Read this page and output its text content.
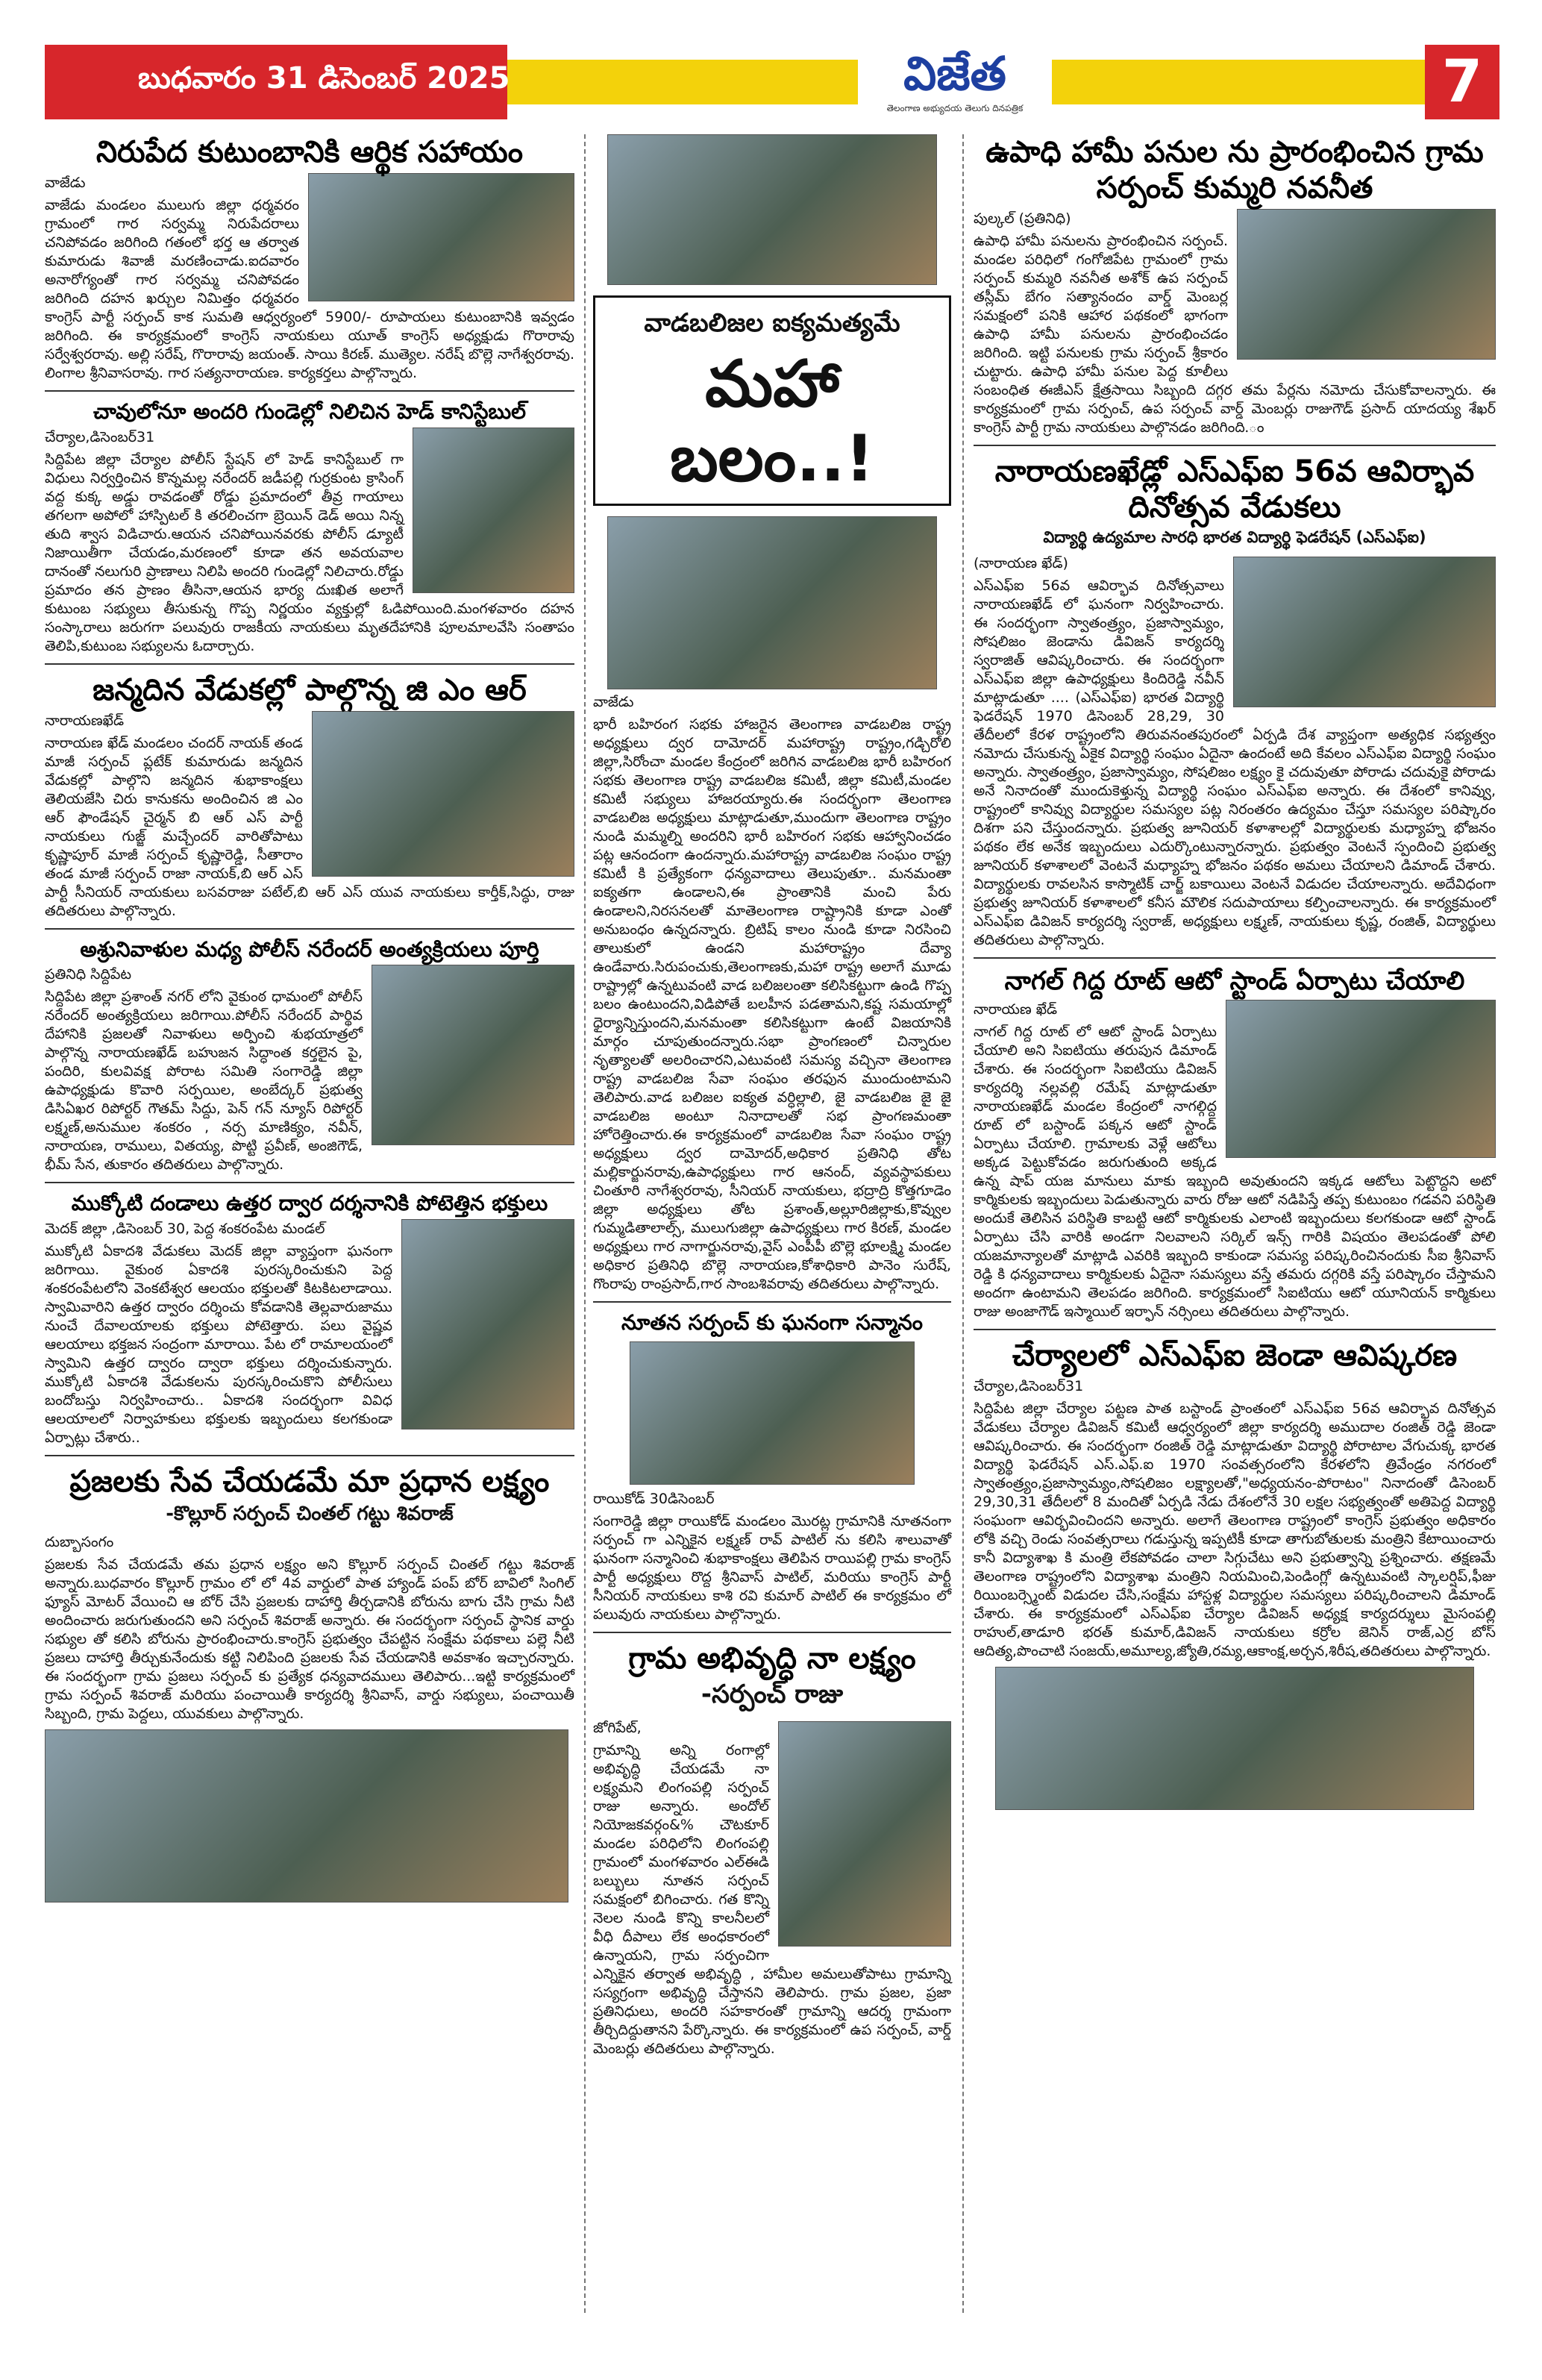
బుధవారం 31 డిసెంబర్ 2025	విజేత
తెలంగాణ అభ్యుదయ తెలుగు దినపత్రిక	7
నిరుపేద కుటుంబానికి ఆర్థిక సహాయం
వాజేడు

వాజేడు మండలం ములుగు జిల్లా ధర్మవరం గ్రామంలో గార సర్వమ్మ నిరుపేదరాలు చనిపోవడం జరిగింది గతంలో భర్త ఆ తర్వాత కుమారుడు శివాజీ మరణించాడు.ఐదవారం అనారోగ్యంతో గార సర్వమ్మ చనిపోవడం జరిగింది దహన ఖర్చుల నిమిత్తం ధర్మవరం కాంగ్రెస్ పార్టీ సర్పంచ్ కాక సుమతి ఆధ్వర్యంలో 5900/- రూపాయలు కుటుంబానికి ఇవ్వడం జరిగింది. ఈ కార్యక్రమంలో కాంగ్రెస్ నాయకులు యూత్ కాంగ్రెస్ అధ్యక్షుడు గొరారావు సర్వేశ్వరరావు. అల్లి సరేష్, గొరారావు జయంత్. సాయి కిరణ్. ముత్యెల. నరేష్ బొల్లె నాగేశ్వరరావు. లింగాల శ్రీనివాసరావు. గార సత్యనారాయణ. కార్యకర్తలు పాల్గొన్నారు.

చావులోనూ అందరి గుండెల్లో నిలిచిన హెడ్ కానిస్టేబుల్
చేర్యాల,డిసెంబర్31

సిద్దిపేట జిల్లా చేర్యాల పోలీస్ స్టేషన్ లో హెడ్ కానిస్టేబుల్ గా విధులు నిర్వర్తించిన కొన్నమల్ల నరేందర్ జడీపల్లి గుర్రకుంట క్రాసింగ్ వద్ద కుక్క అడ్డు రావడంతో రోడ్డు ప్రమాదంలో తీవ్ర గాయాలు తగలగా అపోలో హాస్పిటల్ కి తరలించగా బ్రెయిన్ డెడ్ అయి నిన్న తుది శ్వాస విడిచారు.ఆయన చనిపోయినవరకు పోలీస్ డ్యూటీ నిజాయితీగా చేయడం,మరణంలో కూడా తన అవయవాల దానంతో నలుగురి ప్రాణాలు నిలిపి అందరి గుండెల్లో నిలిచారు.రోడ్డు ప్రమాదం తన ప్రాణం తీసినా,ఆయన భార్య దుఃఖిత అలాగే కుటుంబ సభ్యులు తీసుకున్న గొప్ప నిర్ణయం వ్యక్తుల్లో ఓడిపోయింది.మంగళవారం దహన సంస్కారాలు జరుగగా పలువురు రాజకీయ నాయకులు మృతదేహానికి పూలమాలవేసి సంతాపం తెలిపి,కుటుంబ సభ్యులను ఓదార్చారు.

జన్మదిన వేడుకల్లో పాల్గొన్న జి ఎం ఆర్
నారాయణఖేడ్

నారాయణ ఖేడ్ మండలం చందర్ నాయక్ తండ మాజీ సర్పంచ్ ప్లటేక్ కుమారుడు జన్మదిన వేడుకల్లో పాల్గొని జన్మదిన శుభాకాంక్షలు తెలియజేసి చిరు కానుకను అందించిన జి ఎం ఆర్ ఫౌండేషన్ చైర్మన్ బి ఆర్ ఎస్ పార్టీ నాయకులు గుజ్జ్ మచ్చేందర్ వారితోపాటు కృష్ణాపూర్ మాజీ సర్పంచ్ కృష్ణారెడ్డి, సీతారాం తండ మాజీ సర్పంచ్ రాజా నాయక్,బి ఆర్ ఎస్ పార్టీ సీనియర్ నాయకులు బసవరాజు పటేల్,బి ఆర్ ఎస్ యువ నాయకులు కార్తీక్,సిద్ధు, రాజు తదితరులు పాల్గొన్నారు.

అశ్రునివాళుల మధ్య పోలీస్ నరేందర్ అంత్యక్రియలు పూర్తి
ప్రతినిధి సిద్దిపేట

సిద్దిపేట జిల్లా ప్రశాంత్ నగర్ లోని వైకుంఠ ధామంలో పోలీస్ నరేందర్ అంత్యక్రియలు జరిగాయి.పోలీస్ నరేందర్ పార్థివ దేహానికి ప్రజలతో నివాళులు అర్పించి శుభయాత్రలో పాల్గొన్న నారాయణఖేడ్ బహుజన సిద్ధాంత కర్తలైన పై, పందిరి, కులవివక్ష పోరాట సమితి సంగారెడ్డి జిల్లా ఉపాధ్యక్షుడు కొవారి సర్పయిల, అంబేద్కర్ ప్రభుత్వ డిసిఏఖర రిపోర్టర్ గౌతమ్ సిద్దు, పెన్ గన్ న్యూస్ రిపోర్టర్ లక్ష్మణ్,అనుముల శంకరం , నర్స మాణిక్యం, నవీన్, నారాయణ, రాములు, వితయ్య, పొట్టి ప్రవీణ్, అంజిగౌడ్, భీమ్ సేన, తుకారం తదితరులు పాల్గొన్నారు.

ముక్కోటి దండాలు ఉత్తర ద్వార దర్శనానికి పోటెత్తిన భక్తులు
మెదక్ జిల్లా ,డిసెంబర్ 30, పెద్ద శంకరంపేట మండల్

ముక్కోటి ఏకాదశి వేడుకలు మెదక్ జిల్లా వ్యాప్తంగా ఘనంగా జరిగాయి. వైకుంఠ ఏకాదశి పురస్కరించుకుని పెద్ద శంకరంపేటలోని వెంకటేశ్వర ఆలయం భక్తులతో కిటకిటలాడాయి. స్వామివారిని ఉత్తర ద్వారం దర్శించు కోవడానికి తెల్లవారుజాము నుంచే దేవాలయాలకు భక్తులు పోటెత్తారు. పలు వైష్ణవ ఆలయాలు భక్తజన సంద్రంగా మారాయి. పేట లో రామాలయంలో స్వామిని ఉత్తర ద్వారం ద్వారా భక్తులు దర్శించుకున్నారు. ముక్కోటి ఏకాదశి వేడుకలను పురస్కరించుకొని పోలీసులు బందోబస్తు నిర్వహించారు.. ఏకాదశి సందర్భంగా వివిధ ఆలయాలలో నిర్వాహకులు భక్తులకు ఇబ్బందులు కలగకుండా ఏర్పాట్లు చేశారు..

ప్రజలకు సేవ చేయడమే మా ప్రధాన లక్ష్యం
-కొల్లూర్ సర్పంచ్ చింతల్ గట్టు శివరాజ్
దుబ్బాసంగం

ప్రజలకు సేవ చేయడమే తమ ప్రధాన లక్ష్యం అని కొల్లూర్ సర్పంచ్ చింతల్ గట్టు శివరాజ్ అన్నారు.బుధవారం కొల్లూర్ గ్రామం లో లో 4వ వార్డులో పాత హ్యాండ్ పంప్ బోర్ బావిలో సింగిల్ ఫ్యూస్ మోటర్ వేయించి ఆ బోర్ చేసి ప్రజలకు దాహార్తి తీర్చడానికి బోరును బాగు చేసి గ్రామ నీటి అందించారు జరుగుతుందని అని సర్పంచ్ శివరాజ్ అన్నారు. ఈ సందర్భంగా సర్పంచ్ స్థానిక వార్డు సభ్యుల తో కలిసి బోరును ప్రారంభించారు.కాంగ్రెస్ ప్రభుత్వం చేపట్టిన సంక్షేమ పథకాలు పల్లె నీటి ప్రజలు దాహార్తి తీర్చుకునేందుకు కట్టి నిలిపింది ప్రజలకు సేవ చేయడానికి అవకాశం ఇచ్చారన్నారు. ఈ సందర్భంగా గ్రామ ప్రజలు సర్పంచ్ కు ప్రత్యేక ధన్యవాదములు తెలిపారు...ఇట్టి కార్యక్రమంలో గ్రామ సర్పంచ్ శివరాజ్ మరియు పంచాయితీ కార్యదర్శి శ్రీనివాస్, వార్డు సభ్యులు, పంచాయితీ సిబ్బంది, గ్రామ పెద్దలు, యువకులు పాల్గొన్నారు.

వాడబలిజల ఐక్యమత్యమే
మహా బలం..!
వాజేడు

భారీ బహిరంగ సభకు హాజరైన తెలంగాణ వాడబలిజ రాష్ట్ర అధ్యక్షులు ద్వర దామోదర్ మహారాష్ట్ర రాష్ట్రం,గడ్చిరోలి జిల్లా,సిరోంచా మండల కేంద్రంలో జరిగిన వాడబలిజ భారీ బహిరంగ సభకు తెలంగాణ రాష్ట్ర వాడబలిజ కమిటీ, జిల్లా కమిటీ,మండల కమిటీ సభ్యులు హాజరయ్యారు.ఈ సందర్భంగా తెలంగాణ వాడబలిజ అధ్యక్షులు మాట్లాడుతూ,ముందుగా తెలంగాణ రాష్ట్రం నుండి మమ్మల్ని అందరిని భారీ బహిరంగ సభకు ఆహ్వానించడం పట్ల ఆనందంగా ఉందన్నారు.మహారాష్ట్ర వాడబలిజ సంఘం రాష్ట్ర కమిటీ కి ప్రత్యేకంగా ధన్యవాదాలు తెలుపుతూ.. మనమంతా ఐక్యతగా ఉండాలని,ఈ ప్రాంతానికి మంచి పేరు ఉండాలని,నిరసనలతో మాతెలంగాణ రాష్ట్రానికి కూడా ఎంతో అనుబంధం ఉన్నదన్నారు. బ్రిటిష్ కాలం నుండి కూడా నిరసించి తాలుకులో ఉండని మహారాష్ట్రం దేవ్యా ఉండేవారు.సిరుపంచుకు,తెలంగాణకు,మహా రాష్ట్ర అలాగే మూడు రాష్ట్రాల్లో ఉన్నటువంటి వాడ బలిజలంతా కలిసికట్టుగా ఉండి గొప్ప బలం ఉంటుందని,విడిపోతే బలహీన పడతామని,కష్ట సమయాల్లో ధైర్యాన్నిస్తుందని,మనమంతా కలిసికట్టుగా ఉంటే విజయానికి మార్గం చూపుతుందన్నారు.సభా ప్రాంగణంలో చిన్నారుల నృత్యాలతో అలరించారని,ఎటువంటి సమస్య వచ్చినా తెలంగాణ రాష్ట్ర వాడబలిజ సేవా సంఘం తరఫున ముందుంటామని తెలిపారు.వాడ బలిజల ఐక్యత వర్ధిల్లాలి, జై వాడబలిజ జై జై వాడబలిజ అంటూ నినాదాలతో సభ ప్రాంగణమంతా హోరెత్తించారు.ఈ కార్యక్రమంలో వాడబలిజ సేవా సంఘం రాష్ట్ర అధ్యక్షులు ద్వర దామోదర్,అధికార ప్రతినిధి తోట మల్లికార్జునరావు,ఉపాధ్యక్షులు గార ఆనంద్, వ్యవస్థాపకులు చింతూరి నాగేశ్వరరావు, సీనియర్ నాయకులు, భద్రాద్రి కొత్తగూడెం జిల్లా అధ్యక్షులు తోట ప్రశాంత్,అల్లూరిజిల్లాకు,కొవ్వుల గుమ్మడితాలాల్స్, ములుగుజిల్లా ఉపాధ్యక్షులు గార కిరణ్, మండల అధ్యక్షులు గార నాగార్జునరావు,వైస్ ఎంపీపీ బొల్లె భూలక్ష్మి మండల అధికార ప్రతినిధి బొల్లె నారాయణ,కోశాధికారి పానెం సురేష్, గొంరాపు రాంప్రసాద్,గార సాంబశివరావు తదితరులు పాల్గొన్నారు.

నూతన సర్పంచ్ కు ఘనంగా సన్మానం
రాయికోడ్ 30డిసెంబర్

సంగారెడ్డి జిల్లా రాయికోడ్ మండలం మొరట్ల గ్రామానికి నూతనంగా సర్పంచ్ గా ఎన్నికైన లక్ష్మణ్ రావ్ పాటిల్ ను కలిసి శాలువాతో ఘనంగా సన్మానించి శుభాకాంక్షలు తెలిపిన రాయిపల్లి గ్రామ కాంగ్రెస్ పార్టీ అధ్యక్షులు రొద్ద శ్రీనివాస్ పాటిల్, మరియు కాంగ్రెస్ పార్టీ సీనియర్ నాయకులు కాశి రవి కుమార్ పాటిల్ ఈ కార్యక్రమం లో పలువురు నాయకులు పాల్గొన్నారు.

గ్రామ అభివృద్ధి నా లక్ష్యం
-సర్పంచ్ రాజు
జోగిపేట్,

గ్రామాన్ని అన్ని రంగాల్లో అభివృద్ధి చేయడమే నా లక్ష్యమని లింగంపల్లి సర్పంచ్ రాజు అన్నారు. అందోల్ నియోజకవర్గం&% చౌటకూర్ మండల పరిధిలోని లింగంపల్లి గ్రామంలో మంగళవారం ఎల్ఈడి బల్బులు నూతన సర్పంచ్ సమక్షంలో బిగించారు. గత కొన్ని నెలల నుండి కొన్ని కాలనీలలో వీధి దీపాలు లేక అంధకారంలో ఉన్నాయని, గ్రామ సర్పంచిగా ఎన్నికైన తర్వాత అభివృద్ధి , హామీల అమలుతోపాటు గ్రామాన్ని సస్యగ్రంగా అభివృద్ధి చేస్తానని తెలిపారు. గ్రామ ప్రజల, ప్రజా ప్రతినిధులు, అందరి సహకారంతో గ్రామాన్ని ఆదర్శ గ్రామంగా తీర్చిదిద్దుతానని పేర్కొన్నారు. ఈ కార్యక్రమంలో ఉప సర్పంచ్, వార్డ్ మెంబర్లు తదితరులు పాల్గొన్నారు.

ఉపాధి హామీ పనుల ను ప్రారంభించిన గ్రామ సర్పంచ్ కుమ్మరి నవనీత
పుల్కల్ (ప్రతినిధి)

ఉపాధి హామీ పనులను ప్రారంభించిన సర్పంచ్. మండల పరిధిలో గంగోజిపేట గ్రామంలో గ్రామ సర్పంచ్ కుమ్మరి నవనీత అశోక్ ఉప సర్పంచ్ తస్లీమ్ బేగం సత్యానందం వార్డ్ మెంబర్ల సమక్షంలో పనికి ఆహార పథకంలో భాగంగా ఉపాధి హామీ పనులను ప్రారంభించడం జరిగింది. ఇట్టి పనులకు గ్రామ సర్పంచ్ శ్రీకారం చుట్టారు. ఉపాధి హామీ పనుల పెద్ద కూలీలు సంబంధిత ఈజీఎస్ క్షేత్రసాయి సిబ్బంది దగ్గర తమ పేర్లను నమోదు చేసుకోవాలన్నారు. ఈ కార్యక్రమంలో గ్రామ సర్పంచ్, ఉప సర్పంచ్ వార్డ్ మెంబర్లు రాజుగౌడ్ ప్రసాద్ యాదయ్య శేఖర్ కాంగ్రెస్ పార్టీ గ్రామ నాయకులు పాల్గొనడం జరిగింది.ం

నారాయణఖేడ్లో ఎస్ఎఫ్ఐ 56వ ఆవిర్భావ దినోత్సవ వేడుకలు
విద్యార్థి ఉద్యమాల సారధి భారత విద్యార్థి ఫెడరేషన్ (ఎస్ఎఫ్ఐ)
(నారాయణ ఖేడ్)

ఎస్ఎఫ్ఐ 56వ ఆవిర్భావ దినోత్సవాలు నారాయణఖేడ్ లో ఘనంగా నిర్వహించారు. ఈ సందర్భంగా స్వాతంత్ర్యం, ప్రజాస్వామ్యం, సోషలిజం జెండాను డివిజన్ కార్యదర్శి స్వరాజిత్ ఆవిష్కరించారు. ఈ సందర్భంగా ఎస్ఎఫ్ఐ జిల్లా ఉపాధ్యక్షులు కిందిరెడ్డి నవీన్ మాట్లాడుతూ .... (ఎస్ఎఫ్ఐ) భారత విద్యార్థి ఫెడరేషన్ 1970 డిసెంబర్ 28,29, 30 తేదీలలో కేరళ రాష్ట్రంలోని తిరువనంతపురంలో ఏర్పడి దేశ వ్యాప్తంగా అత్యధిక సభ్యత్వం నమోదు చేసుకున్న ఏకైక విద్యార్థి సంఘం ఏదైనా ఉందంటే అది కేవలం ఎస్ఎఫ్ఐ విద్యార్థి సంఘం అన్నారు. స్వాతంత్ర్యం, ప్రజాస్వామ్యం, సోషలిజం లక్ష్యం కై చదువుతూ పోరాడు చదువుకై పోరాడు అనే నినాదంతో ముందుకెళ్తున్న విద్యార్థి సంఘం ఎస్ఎఫ్ఐ అన్నారు. ఈ దేశంలో కానివ్వు, రాష్ట్రంలో కానివ్వు విద్యార్థుల సమస్యల పట్ల నిరంతరం ఉద్యమం చేస్తూ సమస్యల పరిష్కారం దిశగా పని చేస్తుందన్నారు. ప్రభుత్వ జూనియర్ కళాశాలల్లో విద్యార్థులకు మధ్యాహ్న భోజనం పథకం లేక అనేక ఇబ్బందులు ఎదుర్కొంటున్నారన్నారు. ప్రభుత్వం వెంటనే స్పందించి ప్రభుత్వ జూనియర్ కళాశాలలో వెంటనే మధ్యాహ్న భోజనం పథకం అమలు చేయాలని డిమాండ్ చేశారు. విద్యార్థులకు రావలసిన కాస్మొటిక్ చార్జ్ బకాయిలు వెంటనే విడుదల చేయాలన్నారు. అదేవిధంగా ప్రభుత్వ జూనియర్ కళాశాలలో కనీస మౌలిక సదుపాయాలు కల్పించాలన్నారు. ఈ కార్యక్రమంలో ఎస్ఎఫ్ఐ డివిజన్ కార్యదర్శి స్వరాజ్, అధ్యక్షులు లక్ష్మణ్, నాయకులు కృష్ణ, రంజిత్, విద్యార్థులు తదితరులు పాల్గొన్నారు.

నాగల్ గిద్ద రూట్ ఆటో స్టాండ్ ఏర్పాటు చేయాలి
నారాయణ ఖేడ్

నాగల్ గిద్ద రూట్ లో ఆటో స్టాండ్ ఏర్పాటు చేయాలి అని సిఐటియు తరుపున డిమాండ్ చేశారు. ఈ సందర్భంగా సిఐటియు డివిజన్ కార్యదర్శి నల్లవల్లి రమేష్ మాట్లాడుతూ నారాయణఖేడ్ మండల కేంద్రంలో నాగల్గిద్ద రూట్ లో బస్టాండ్ పక్కన ఆటో స్టాండ్ ఏర్పాటు చేయాలి. గ్రామాలకు వెళ్లే ఆటోలు అక్కడ పెట్టుకోవడం జరుగుతుంది అక్కడ ఉన్న షాప్ యజ మానులు మాకు ఇబ్బంది అవుతుందని ఇక్కడ ఆటోలు పెట్టొద్దని అటో కార్మికులకు ఇబ్బందులు పెడుతున్నారు వారు రోజు ఆటో నడిపిస్తే తప్ప కుటుంబం గడవని పరిస్థితి అందుకే తెలిసిన పరిస్థితి కాబట్టి ఆటో కార్మికులకు ఎలాంటి ఇబ్బందులు కలగకుండా ఆటో స్టాండ్ ఏర్పాటు చేసి వారికి అండగా నిలవాలని సర్కిల్ ఇన్స్ గారికి విషయం తెలపడంతో పోలి యజమాన్యాలతో మాట్లాడి ఎవరికి ఇబ్బంది కాకుండా సమస్య పరిష్కరించినందుకు సీఐ శ్రీనివాస్ రెడ్డి కి ధన్యవాదాలు కార్మికులకు ఏదైనా సమస్యలు వస్తే తమరు దగ్గరికి వస్తే పరిష్కారం చేస్తామని అందగా ఉంటామని తెలపడం జరిగింది. కార్యక్రమంలో సిఐటియు ఆటో యూనియన్ కార్మికులు రాజు అంజాగౌడ్ ఇస్మాయిల్ ఇర్ఫాన్ నర్సింలు తదితరులు పాల్గొన్నారు.

చేర్యాలలో ఎస్ఎఫ్ఐ జెండా ఆవిష్కరణ
చేర్యాల,డిసెంబర్31

సిద్దిపేట జిల్లా చేర్యాల పట్టణ పాత బస్టాండ్ ప్రాంతంలో ఎస్ఎఫ్ఐ 56వ ఆవిర్భావ దినోత్సవ వేడుకలు చేర్యాల డివిజన్ కమిటీ ఆధ్వర్యంలో జిల్లా కార్యదర్శి అముదాల రంజిత్ రెడ్డి జెండా ఆవిష్కరించారు. ఈ సందర్భంగా రంజిత్ రెడ్డి మాట్లాడుతూ విద్యార్థి పోరాటాల వేగుచుక్క భారత విద్యార్థి ఫెడరేషన్ ఎస్.ఎఫ్.ఐ 1970 సంవత్సరంలోని కేరళలోని త్రివేండ్రం నగరంలో స్వాతంత్ర్యం,ప్రజాస్వామ్యం,సోషలిజం లక్ష్యాలతో,"అధ్యయనం-పోరాటం" నినాదంతో డిసెంబర్ 29,30,31 తేదీలలో 8 మందితో ఏర్పడి నేడు దేశంలోనే 30 లక్షల సభ్యత్వంతో అతిపెద్ద విద్యార్థి సంఘంగా ఆవిర్భవించిందని అన్నారు. అలాగే తెలంగాణ రాష్ట్రంలో కాంగ్రెస్ ప్రభుత్వం అధికారం లోకి వచ్చి రెండు సంవత్సరాలు గడుస్తున్న ఇప్పటికీ కూడా తాగుబోతులకు మంత్రిని కేటాయించారు కానీ విద్యాశాఖ కి మంత్రి లేకపోవడం చాలా సిగ్గుచేటు అని ప్రభుత్వాన్ని ప్రశ్నించారు. తక్షణమే తెలంగాణ రాష్ట్రంలోని విద్యాశాఖ మంత్రిని నియమించి,పెండింగ్లో ఉన్నటువంటి స్కాలర్షిప్,ఫీజు రియింబర్స్మెంట్ విడుదల చేసి,సంక్షేమ హాస్టళ్ల విద్యార్థుల సమస్యలు పరిష్కరించాలని డిమాండ్ చేశారు. ఈ కార్యక్రమంలో ఎస్ఎఫ్ఐ చేర్యాల డివిజన్ అధ్యక్ష కార్యదర్శులు మైసంపల్లి రాహుల్,తాడూరి భరత్ కుమార్,డివిజన్ నాయకులు కర్రోల జెనిన్ రాజ్,ఎర్ర బోస్ ఆదిత్య,పొంచాటి సంజయ్,అమూల్య,జ్యోతి,రమ్య,ఆకాంక్ష,అర్చన,శిరీష,తదితరులు పాల్గొన్నారు.
